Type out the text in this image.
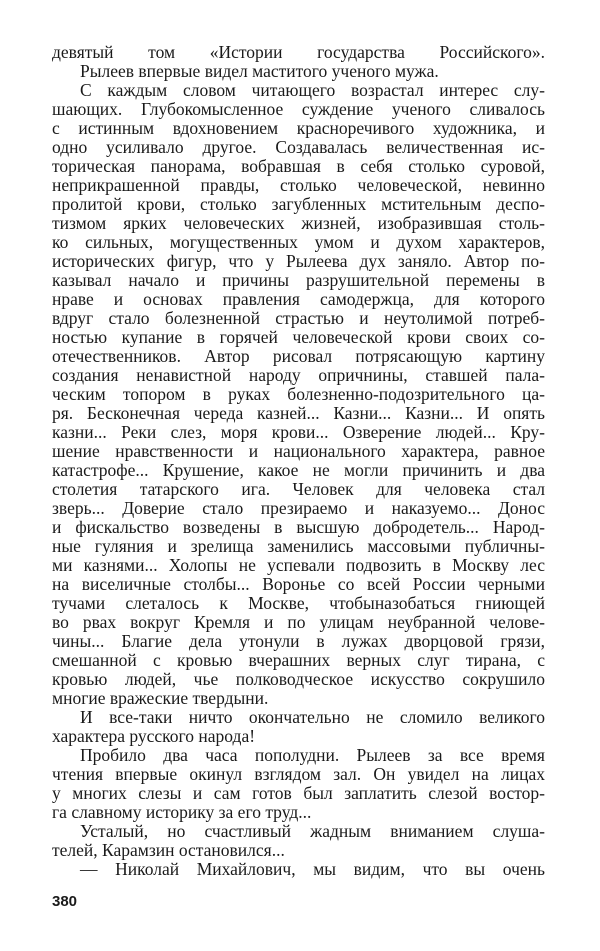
девятый том «Истории государства Российского».
Рылеев впервые видел маститого ученого мужа.
С каждым словом читающего возрастал интерес слу-
шающих. Глубокомысленное суждение ученого сливалось
с истинным вдохновением красноречивого художника, и
одно усиливало другое. Создавалась величественная ис-
торическая панорама, вобравшая в себя столько суровой,
неприкрашенной правды, столько человеческой, невинно
пролитой крови, столько загубленных мстительным деспо-
тизмом ярких человеческих жизней, изобразившая столь-
ко сильных, могущественных умом и духом характеров,
исторических фигур, что у Рылеева дух заняло. Автор по-
казывал начало и причины разрушительной перемены в
нраве и основах правления самодержца, для которого
вдруг стало болезненной страстью и неутолимой потреб-
ностью купание в горячей человеческой крови своих со-
отечественников. Автор рисовал потрясающую картину
создания ненавистной народу опричнины, ставшей пала-
ческим топором в руках болезненно-подозрительного ца-
ря. Бесконечная череда казней... Казни... Казни... И опять
казни... Реки слез, моря крови... Озверение людей... Кру-
шение нравственности и национального характера, равное
катастрофе... Крушение, какое не могли причинить и два
столетия татарского ига. Человек для человека стал
зверь... Доверие стало презираемо и наказуемо... Донос
и фискальство возведены в высшую добродетель... Народ-
ные гуляния и зрелища заменились массовыми публичны-
ми казнями... Холопы не успевали подвозить в Москву лес
на виселичные столбы... Воронье со всей России черными
тучами слеталось к Москве, чтобыназобаться гниющей
во рвах вокруг Кремля и по улицам неубранной челове-
чины... Благие дела утонули в лужах дворцовой грязи,
смешанной с кровью вчерашних верных слуг тирана, с
кровью людей, чье полководческое искусство сокрушило
многие вражеские твердыни.
И все-таки ничто окончательно не сломило великого
характера русского народа!
Пробило два часа пополудни. Рылеев за все время
чтения впервые окинул взглядом зал. Он увидел на лицах
у многих слезы и сам готов был заплатить слезой востор-
га славному историку за его труд...
Усталый, но счастливый жадным вниманием слуша-
телей, Карамзин остановился...
— Николай Михайлович, мы видим, что вы очень
380
